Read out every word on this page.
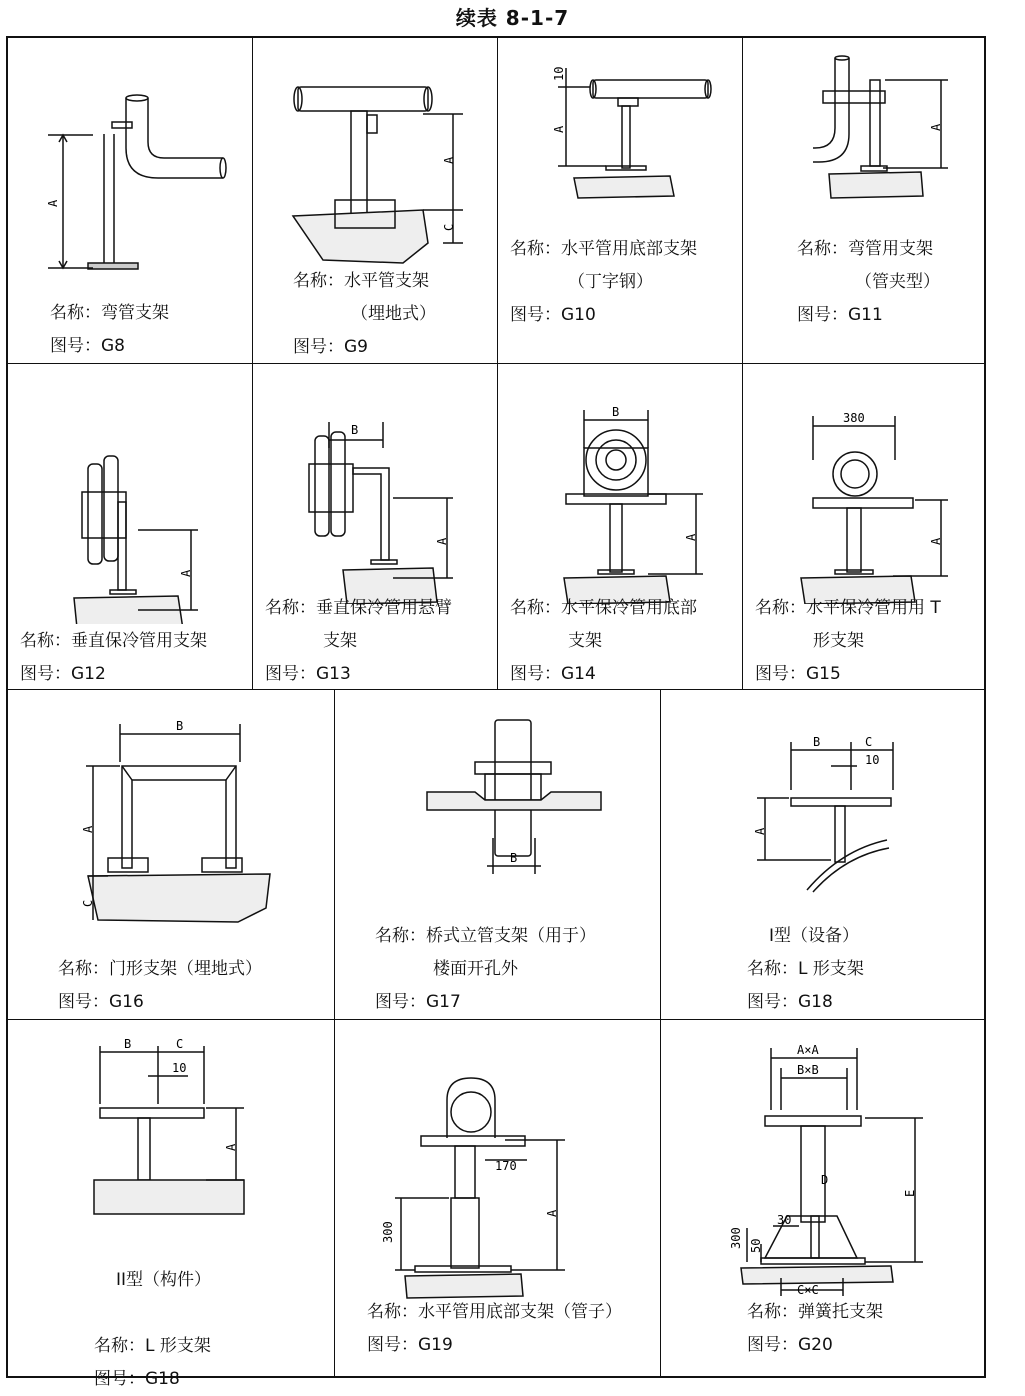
续表 8-1-7
A
名称：弯管支架
图号：G8
A
C
名称：水平管支架
（埋地式）
图号：G9
10
A
名称：水平管用底部支架
（丁字钢）
图号：G10
A
名称：弯管用支架
（管夹型）
图号：G11
A
名称：垂直保冷管用支架
图号：G12
B
A
名称：垂直保冷管用悬臂
支架
图号：G13
B
A
名称：水平保冷管用底部
支架
图号：G14
380
A
名称：水平保冷管用用 T
形支架
图号：G15
B
A
C
名称：门形支架（埋地式）
图号：G16
B
名称：桥式立管支架（用于）
楼面开孔外
图号：G17
B	C
10
A
I型（设备）
名称：L 形支架
图号：G18
B	C
10
A
II型（构件）
名称：L 形支架
图号：G18
170
A
300
名称：水平管用底部支架（管子）
图号：G19
A×A
B×B
D
30
E
300 50
C×C
名称：弹簧托支架
图号：G20
